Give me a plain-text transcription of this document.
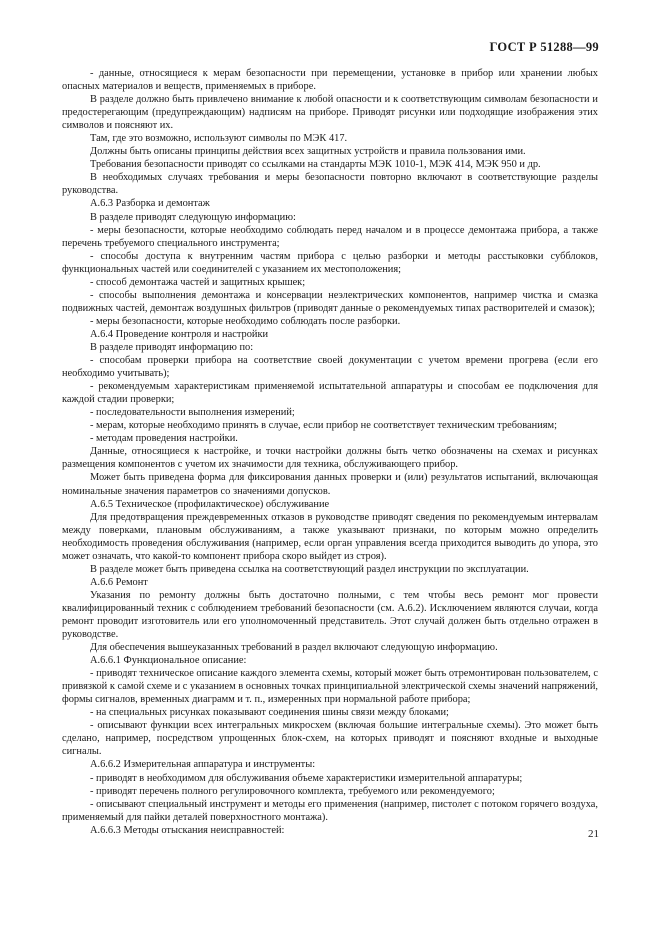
ГОСТ Р 51288—99

- данные, относящиеся к мерам безопасности при перемещении, установке в прибор или хранении любых опасных материалов и веществ, применяемых в приборе.

В разделе должно быть привлечено внимание к любой опасности и к соответствующим символам безопасности и предостерегающим (предупреждающим) надписям на приборе. Приводят рисунки или подходящие изображения этих символов и поясняют их.

Там, где это возможно, используют символы по МЭК 417.

Должны быть описаны принципы действия всех защитных устройств и правила пользования ими.

Требования безопасности приводят со ссылками на стандарты МЭК 1010-1, МЭК 414, МЭК 950 и др.

В необходимых случаях требования и меры безопасности повторно включают в соответствующие разделы руководства.

А.6.3 Разборка и демонтаж

В разделе приводят следующую информацию:

- меры безопасности, которые необходимо соблюдать перед началом и в процессе демонтажа прибора, а также перечень требуемого специального инструмента;

- способы доступа к внутренним частям прибора с целью разборки и методы расстыковки субблоков, функциональных частей или соединителей с указанием их местоположения;

- способ демонтажа частей и защитных крышек;

- способы выполнения демонтажа и консервации неэлектрических компонентов, например чистка и смазка подвижных частей, демонтаж воздушных фильтров (приводят данные о рекомендуемых типах растворителей и смазок);

- меры безопасности, которые необходимо соблюдать после разборки.

А.6.4 Проведение контроля и настройки

В разделе приводят информацию по:

- способам проверки прибора на соответствие своей документации с учетом времени прогрева (если его необходимо учитывать);

- рекомендуемым характеристикам применяемой испытательной аппаратуры и способам ее подключения для каждой стадии проверки;

- последовательности выполнения измерений;

- мерам, которые необходимо принять в случае, если прибор не соответствует техническим требованиям;

- методам проведения настройки.

Данные, относящиеся к настройке, и точки настройки должны быть четко обозначены на схемах и рисунках размещения компонентов с учетом их значимости для техника, обслуживающего прибор.

Может быть приведена форма для фиксирования данных проверки и (или) результатов испытаний, включающая номинальные значения параметров со значениями допусков.

А.6.5 Техническое (профилактическое) обслуживание

Для предотвращения преждевременных отказов в руководстве приводят сведения по рекомендуемым интервалам между поверками, плановым обслуживаниям, а также указывают признаки, по которым можно определить необходимость проведения обслуживания (например, если орган управления всегда приходится выводить до упора, это может означать, что какой-то компонент прибора скоро выйдет из строя).

В разделе может быть приведена ссылка на соответствующий раздел инструкции по эксплуатации.

А.6.6 Ремонт

Указания по ремонту должны быть достаточно полными, с тем чтобы весь ремонт мог провести квалифицированный техник с соблюдением требований безопасности (см. А.6.2). Исключением являются случаи, когда ремонт проводит изготовитель или его уполномоченный представитель. Этот случай должен быть отдельно отражен в руководстве.

Для обеспечения вышеуказанных требований в раздел включают следующую информацию.

А.6.6.1 Функциональное описание:

- приводят техническое описание каждого элемента схемы, который может быть отремонтирован пользователем, с привязкой к самой схеме и с указанием в основных точках принципиальной электрической схемы значений напряжений, формы сигналов, временных диаграмм и т. п., измеренных при нормальной работе прибора;

- на специальных рисунках показывают соединения шины связи между блоками;

- описывают функции всех интегральных микросхем (включая большие интегральные схемы). Это может быть сделано, например, посредством упрощенных блок-схем, на которых приводят и поясняют входные и выходные сигналы.

А.6.6.2 Измерительная аппаратура и инструменты:

- приводят в необходимом для обслуживания объеме характеристики измерительной аппаратуры;

- приводят перечень полного регулировочного комплекта, требуемого или рекомендуемого;

- описывают специальный инструмент и методы его применения (например, пистолет с потоком горячего воздуха, применяемый для пайки деталей поверхностного монтажа).

А.6.6.3 Методы отыскания неисправностей:	21
